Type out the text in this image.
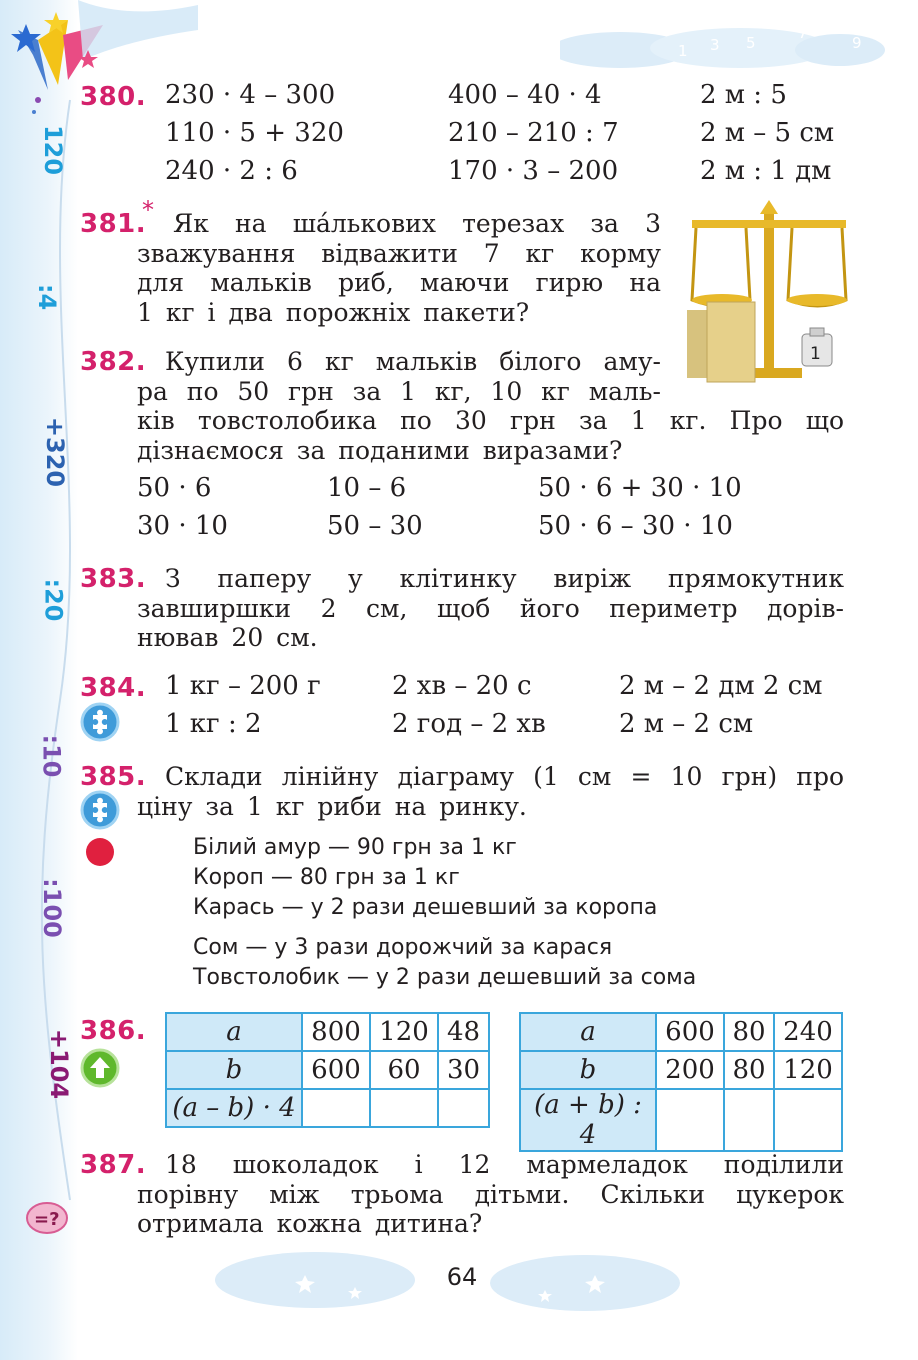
1 3 5
7
9
120
:4
+320
:20
:10
:100
+104
380. 230 · 4 – 300	400 – 40 · 4	2 м : 5
110 · 5 + 320	210 – 210 : 7	2 м – 5 см
240 · 2 : 6	170 · 3 – 200	2 м : 1 дм
381.
* Як на ша́лькових терезах за 3
зважування відважити 7 кг корму
для мальків риб, маючи гирю на
1 кг і два порожніх пакети?
1
382. Купили 6 кг мальків білого аму-
ра по 50 грн за 1 кг, 10 кг маль-
ків товстолобика по 30 грн за 1 кг. Про що
дізнаємося за поданими виразами?
50 · 6	10 – 6	50 · 6 + 30 · 10
30 · 10	50 – 30	50 · 6 – 30 · 10
383. З паперу у клітинку виріж прямокутник
завширшки 2 см, щоб його периметр дорів-
нював 20 см.
384. 1 кг – 200 г	2 хв – 20 с	2 м – 2 дм 2 см
1 кг : 2	2 год – 2 хв	2 м – 2 см
385. Склади лінійну діаграму (1 см = 10 грн) про
ціну за 1 кг риби на ринку.
Білий амур — 90 грн за 1 кг
Короп — 80 грн за 1 кг
Карась — у 2 рази дешевший за коропа
Сом — у 3 рази дорожчий за карася
Товстолобик — у 2 рази дешевший за сома
386.	a	800	120	48
b	600	60	30
(a – b) · 4			
a	600	80	240
b	200	80	120
(a + b) : 4			
387.
=?
18 шоколадок і 12 мармеладок поділили
порівну між трьома дітьми. Скільки цукерок
отримала кожна дитина?
64
